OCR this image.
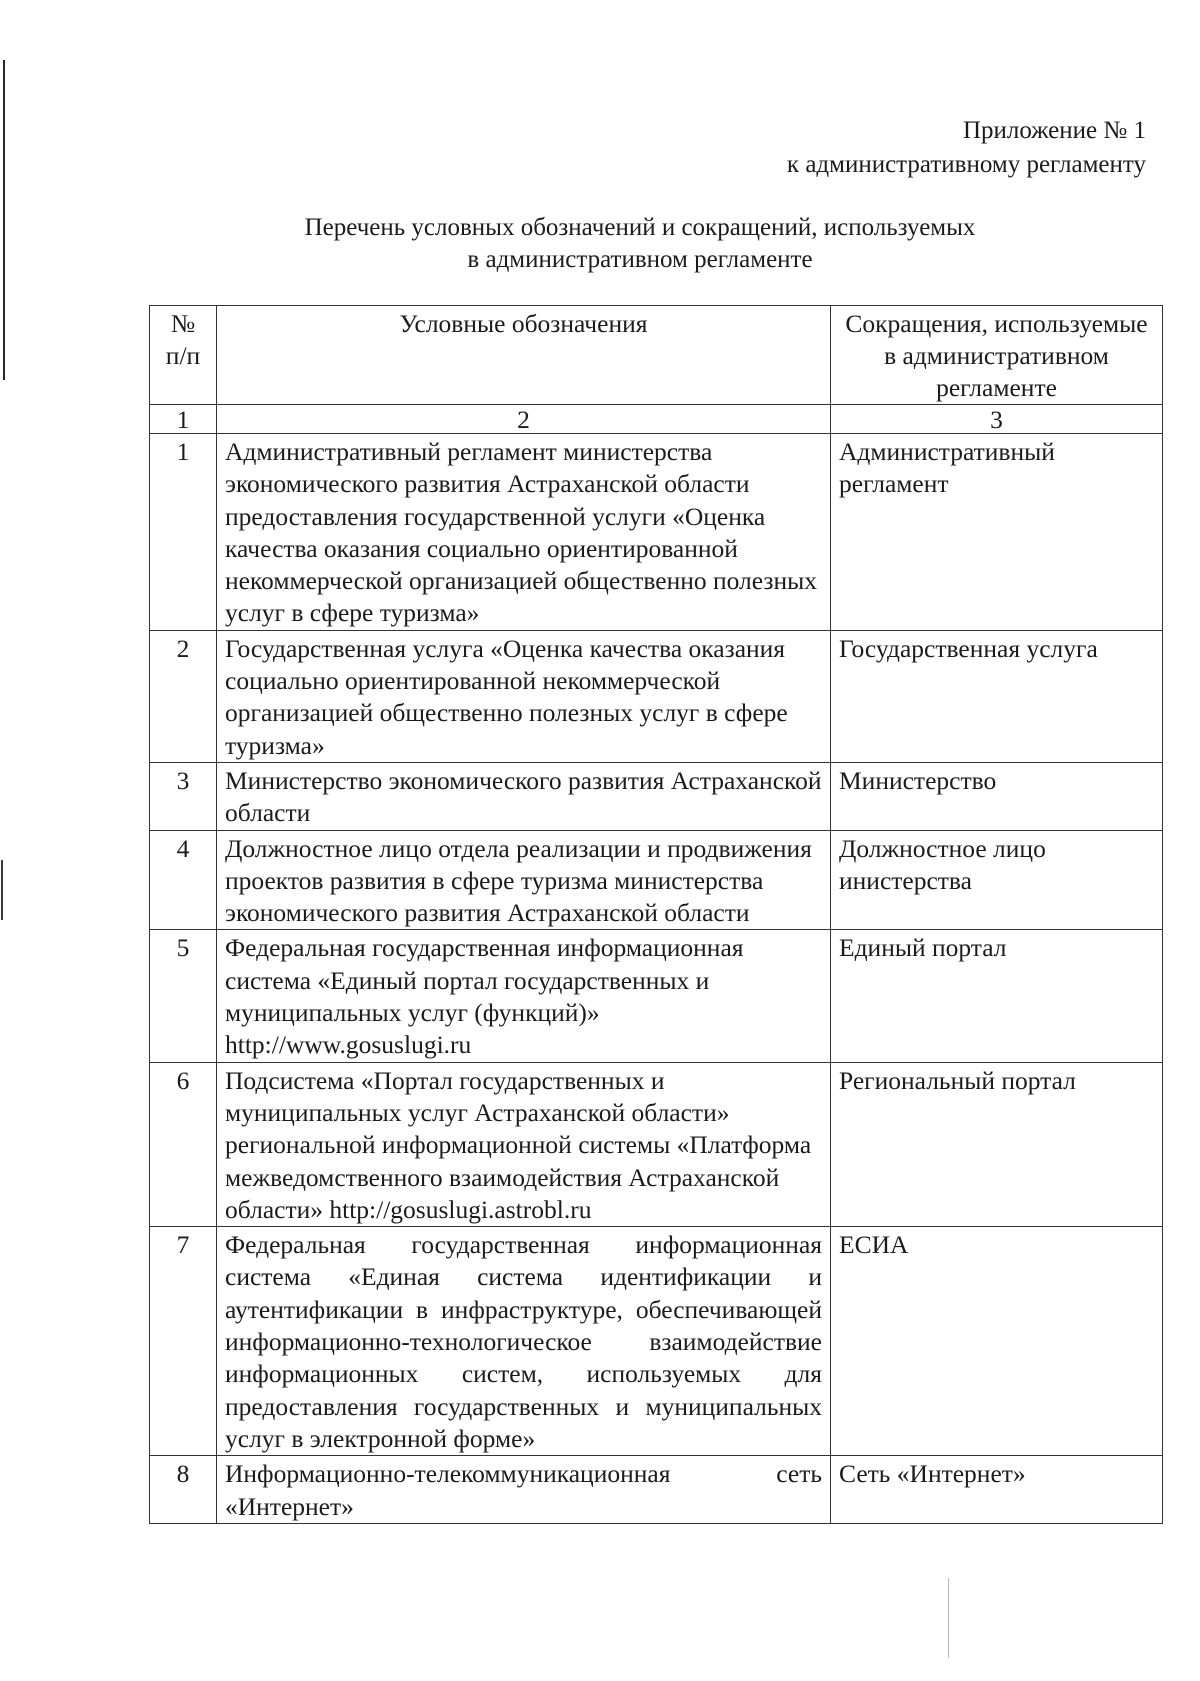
Приложение № 1
к административному регламенту
Перечень условных обозначений и сокращений, используемых
в административном регламенте
№ п/п	Условные обозначения	Сокращения, используемые в административном регламенте
1	2	3
1	Административный регламент министерства экономического развития Астраханской области предоставления государственной услуги «Оценка качества оказания социально ориентированной некоммерческой организацией общественно полезных услуг в сфере туризма»	Административный регламент
2	Государственная услуга «Оценка качества оказания социально ориентированной некоммерческой организацией общественно полезных услуг в сфере туризма»	Государственная услуга
3	Министерство экономического развития Астраханской области	Министерство
4	Должностное лицо отдела реализации и продвижения проектов развития в сфере туризма министерства экономического развития Астраханской области	Должностное лицо инистерства
5	Федеральная государственная информационная система «Единый портал государственных и муниципальных услуг (функций)» http://www.gosuslugi.ru	Единый портал
6	Подсистема «Портал государственных и муниципальных услуг Астраханской области» региональной информационной системы «Платформа межведомственного взаимодействия Астраханской области» http://gosuslugi.astrobl.ru	Региональный портал
7	Федеральная государственная информационная система «Единая система идентификации и аутентификации в инфраструктуре, обеспечивающей информационно-технологическое взаимодействие информационных систем, используемых для предоставления государственных и муниципальных услуг в электронной форме»	ЕСИА
8	Информационно-телекоммуникационная сеть «Интернет»	Сеть «Интернет»
